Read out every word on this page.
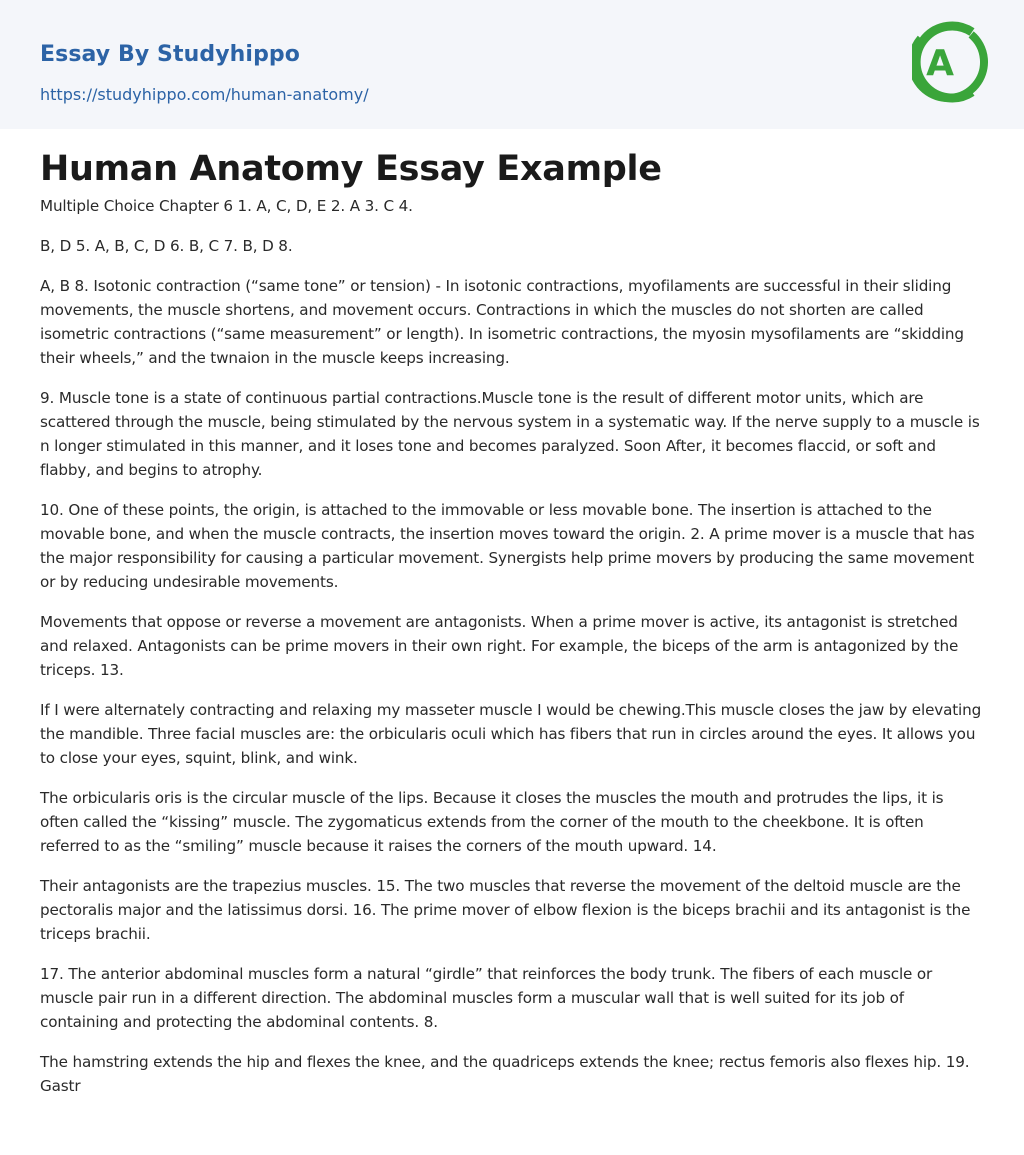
Essay By Studyhippo
https://studyhippo.com/human-anatomy/
A
Human Anatomy Essay Example

Multiple Choice Chapter 6 1. A, C, D, E 2. A 3. C 4.

B, D 5. A, B, C, D 6. B, C 7. B, D 8.

A, B 8. Isotonic contraction (“same tone” or tension) - In isotonic contractions, myofilaments are successful in their sliding movements, the muscle shortens, and movement occurs. Contractions in which the muscles do not shorten are called isometric contractions (“same measurement” or length). In isometric contractions, the myosin mysofilaments are “skidding their wheels,” and the twnaion in the muscle keeps increasing.

9. Muscle tone is a state of continuous partial contractions.Muscle tone is the result of different motor units, which are scattered through the muscle, being stimulated by the nervous system in a systematic way. If the nerve supply to a muscle is n longer stimulated in this manner, and it loses tone and becomes paralyzed. Soon After, it becomes flaccid, or soft and flabby, and begins to atrophy.

10. One of these points, the origin, is attached to the immovable or less movable bone. The insertion is attached to the movable bone, and when the muscle contracts, the insertion moves toward the origin. 2. A prime mover is a muscle that has the major responsibility for causing a particular movement. Synergists help prime movers by producing the same movement or by reducing undesirable movements.

Movements that oppose or reverse a movement are antagonists. When a prime mover is active, its antagonist is stretched and relaxed. Antagonists can be prime movers in their own right. For example, the biceps of the arm is antagonized by the triceps. 13.

If I were alternately contracting and relaxing my masseter muscle I would be chewing.This muscle closes the jaw by elevating the mandible. Three facial muscles are: the orbicularis oculi which has fibers that run in circles around the eyes. It allows you to close your eyes, squint, blink, and wink.

The orbicularis oris is the circular muscle of the lips. Because it closes the muscles the mouth and protrudes the lips, it is often called the “kissing” muscle. The zygomaticus extends from the corner of the mouth to the cheekbone. It is often referred to as the “smiling” muscle because it raises the corners of the mouth upward. 14.

Their antagonists are the trapezius muscles. 15. The two muscles that reverse the movement of the deltoid muscle are the pectoralis major and the latissimus dorsi. 16. The prime mover of elbow flexion is the biceps brachii and its antagonist is the triceps brachii.

17. The anterior abdominal muscles form a natural “girdle” that reinforces the body trunk. The fibers of each muscle or muscle pair run in a different direction. The abdominal muscles form a muscular wall that is well suited for its job of containing and protecting the abdominal contents. 8.

The hamstring extends the hip and flexes the knee, and the quadriceps extends the knee; rectus femoris also flexes hip. 19. Gastr
